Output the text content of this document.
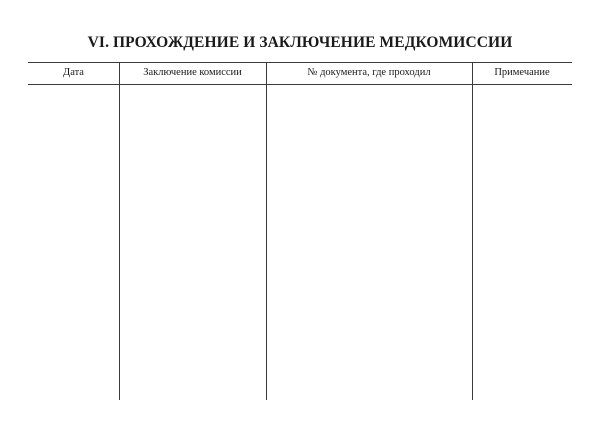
VI. ПРОХОЖДЕНИЕ И ЗАКЛЮЧЕНИЕ МЕДКОМИССИИ
Дата	Заключение комиссии	№ документа, где проходил	Примечание
